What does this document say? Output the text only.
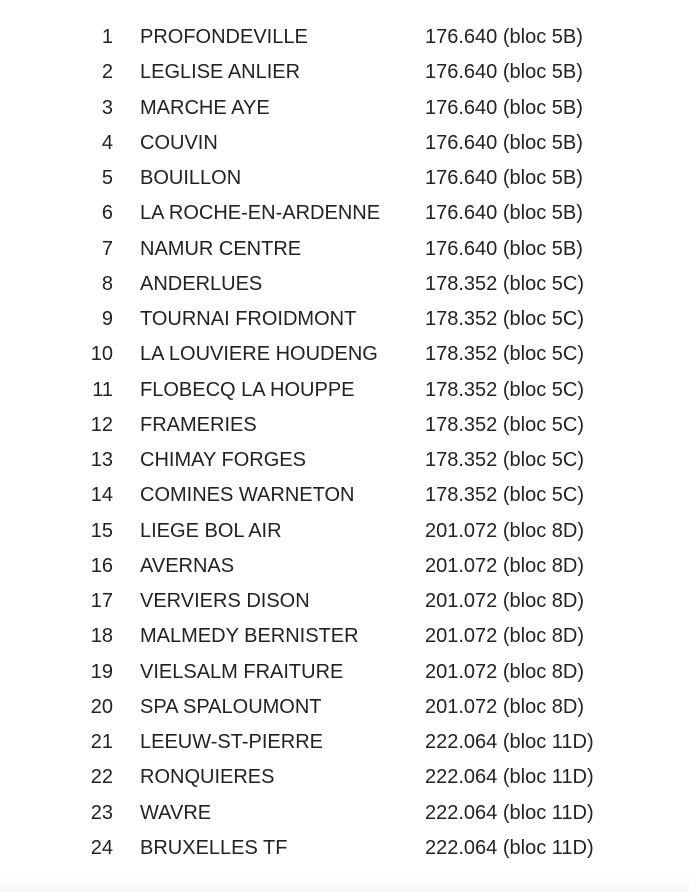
1 PROFONDEVILLE	176.640 (bloc 5B)
2 LEGLISE ANLIER	176.640 (bloc 5B)
3 MARCHE AYE	176.640 (bloc 5B)
4 COUVIN	176.640 (bloc 5B)
5 BOUILLON	176.640 (bloc 5B)
6 LA ROCHE-EN-ARDENNE 176.640 (bloc 5B)
7 NAMUR CENTRE	176.640 (bloc 5B)
8 ANDERLUES	178.352 (bloc 5C)
9 TOURNAI FROIDMONT	178.352 (bloc 5C)
10 LA LOUVIERE HOUDENG 178.352 (bloc 5C)
11 FLOBECQ LA HOUPPE	178.352 (bloc 5C)
12 FRAMERIES	178.352 (bloc 5C)
13 CHIMAY FORGES	178.352 (bloc 5C)
14 COMINES WARNETON	178.352 (bloc 5C)
15 LIEGE BOL AIR	201.072 (bloc 8D)
16 AVERNAS	201.072 (bloc 8D)
17 VERVIERS DISON	201.072 (bloc 8D)
18 MALMEDY BERNISTER	201.072 (bloc 8D)
19 VIELSALM FRAITURE	201.072 (bloc 8D)
20 SPA SPALOUMONT	201.072 (bloc 8D)
21 LEEUW-ST-PIERRE	222.064 (bloc 11D)
22 RONQUIERES	222.064 (bloc 11D)
23 WAVRE	222.064 (bloc 11D)
24 BRUXELLES TF	222.064 (bloc 11D)
